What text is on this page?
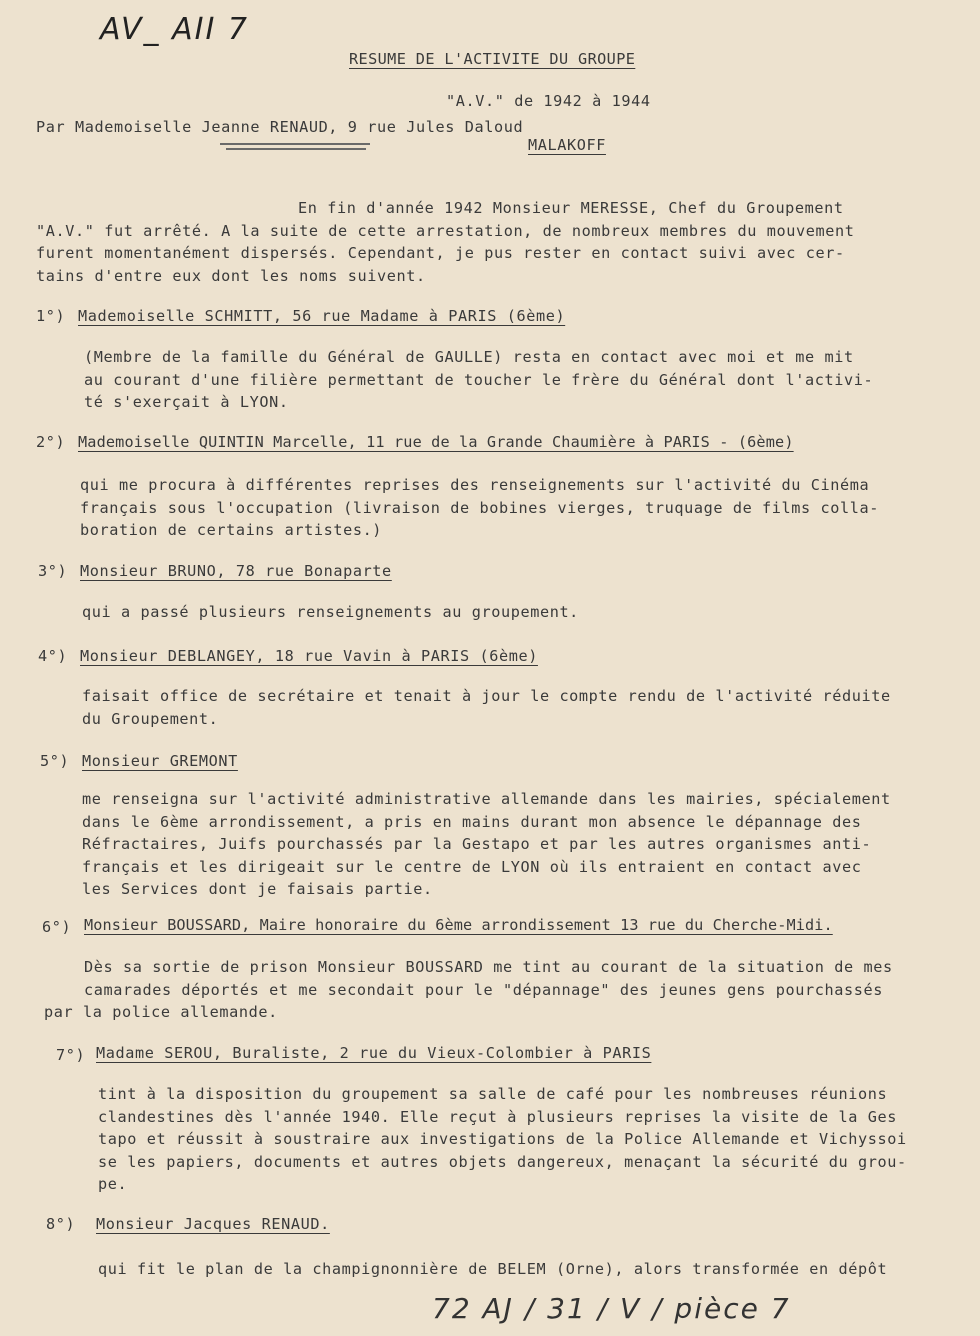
AV_ AII 7
RESUME DE L'ACTIVITE DU GROUPE
"A.V." de 1942 à 1944
Par Mademoiselle Jeanne RENAUD, 9 rue Jules Daloud
MALAKOFF
En fin d'année 1942 Monsieur MERESSE, Chef du Groupement
"A.V." fut arrêté. A la suite de cette arrestation, de nombreux membres du mouvement
furent momentanément dispersés. Cependant, je pus rester en contact suivi avec cer-
tains d'entre eux dont les noms suivent.
1°) Mademoiselle SCHMITT, 56 rue Madame à PARIS (6ème)
(Membre de la famille du Général de GAULLE) resta en contact avec moi et me mit
au courant d'une filière permettant de toucher le frère du Général dont l'activi-
té s'exerçait à LYON.
2°) Mademoiselle QUINTIN Marcelle, 11 rue de la Grande Chaumière à PARIS - (6ème)
qui me procura à différentes reprises des renseignements sur l'activité du Cinéma
français sous l'occupation (livraison de bobines vierges, truquage de films colla-
boration de certains artistes.)
3°) Monsieur BRUNO, 78 rue Bonaparte
qui a passé plusieurs renseignements au groupement.
4°) Monsieur DEBLANGEY, 18 rue Vavin à PARIS (6ème)
faisait office de secrétaire et tenait à jour le compte rendu de l'activité réduite
du Groupement.
5°) Monsieur GREMONT
me renseigna sur l'activité administrative allemande dans les mairies, spécialement
dans le 6ème arrondissement, a pris en mains durant mon absence le dépannage des
Réfractaires, Juifs pourchassés par la Gestapo et par les autres organismes anti-
français et les dirigeait sur le centre de LYON où ils entraient en contact avec
les Services dont je faisais partie.
6°) Monsieur BOUSSARD, Maire honoraire du 6ème arrondissement 13 rue du Cherche-Midi.
Dès sa sortie de prison Monsieur BOUSSARD me tint au courant de la situation de mes
camarades déportés et me secondait pour le "dépannage" des jeunes gens pourchassés
par la police allemande.
7°) Madame SEROU, Buraliste, 2 rue du Vieux-Colombier à PARIS
tint à la disposition du groupement sa salle de café pour les nombreuses réunions
clandestines dès l'année 1940. Elle reçut à plusieurs reprises la visite de la Ges
tapo et réussit à soustraire aux investigations de la Police Allemande et Vichyssoi
se les papiers, documents et autres objets dangereux, menaçant la sécurité du grou-
pe.
8°) Monsieur Jacques RENAUD.
qui fit le plan de la champignonnière de BELEM (Orne), alors transformée en dépôt
72 AJ / 31 / V / pièce 7
